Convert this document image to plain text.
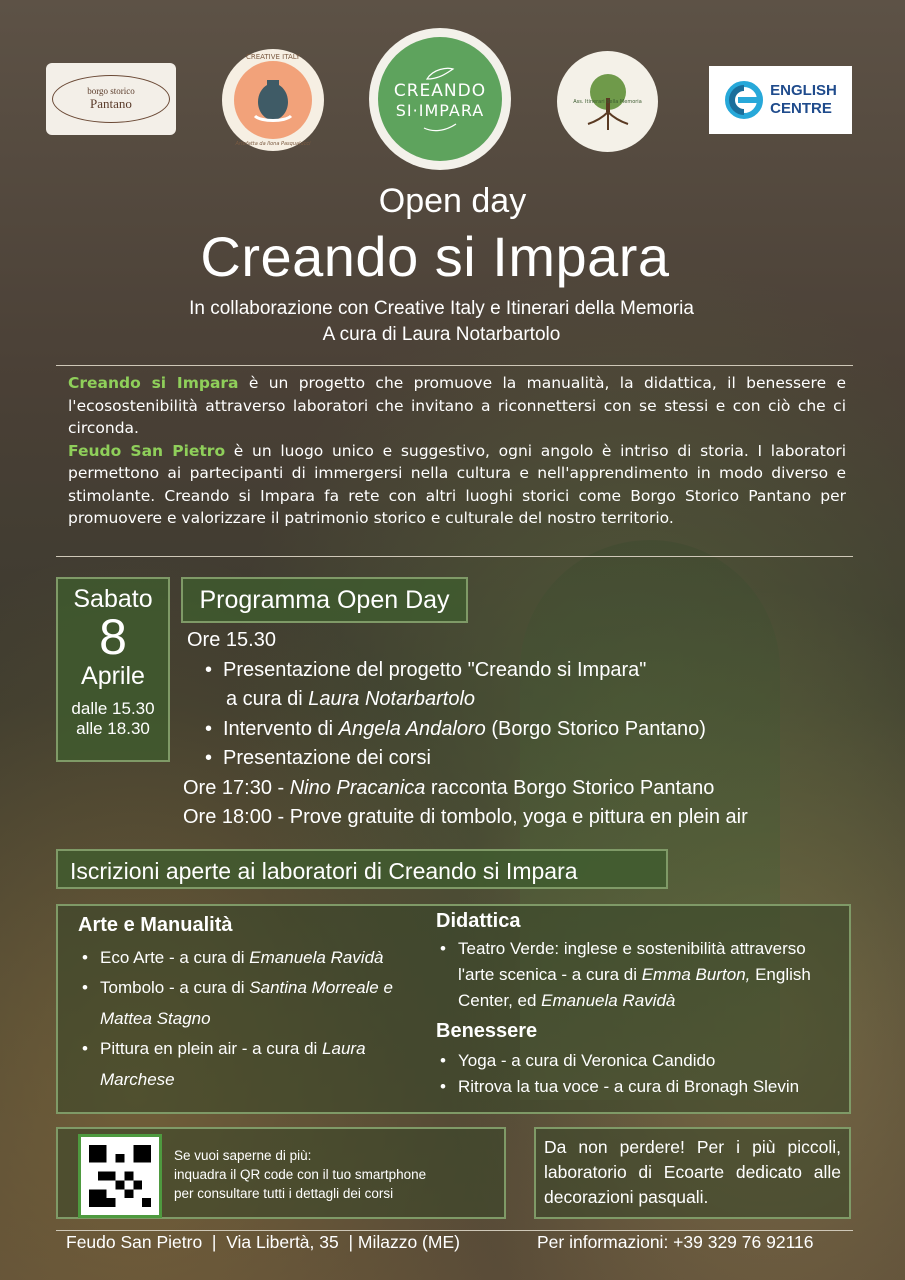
borgo storico
Pantano
CREATIVE ITALY
Artefatta da Ilona Pasqualucci
CREANDO
SI·IMPARA	Ass. Itinerari della Memoria
ENGLISH
CENTRE
Open day
Creando si Impara
In collaborazione con Creative Italy e Itinerari della Memoria
A cura di Laura Notarbartolo

Creando si Impara è un progetto che promuove la manualità, la didattica, il benessere e l'ecosostenibilità attraverso laboratori che invitano a riconnettersi con se stessi e con ciò che ci circonda.

Feudo San Pietro è un luogo unico e suggestivo, ogni angolo è intriso di storia. I laboratori permettono ai partecipanti di immergersi nella cultura e nell'apprendimento in modo diverso e stimolante. Creando si Impara fa rete con altri luoghi storici come Borgo Storico Pantano per promuovere e valorizzare il patrimonio storico e culturale del nostro territorio.

Sabato
8
Aprile
dalle 15.30
alle 18.30
Programma Open Day
Ore 15.30
• Presentazione del progetto "Creando si Impara"
a cura di Laura Notarbartolo
• Intervento di Angela Andaloro (Borgo Storico Pantano)
• Presentazione dei corsi
Ore 17:30 - Nino Pracanica racconta Borgo Storico Pantano
Ore 18:00 - Prove gratuite di tombolo, yoga e pittura en plein air
Iscrizioni aperte ai laboratori di Creando si Impara
Arte e Manualità
• Eco Arte - a cura di Emanuela Ravidà
• Tombolo - a cura di Santina Morreale e Mattea Stagno
• Pittura en plein air - a cura di Laura Marchese
Didattica
• Teatro Verde: inglese e sostenibilità attraverso l'arte scenica - a cura di Emma Burton, English Center, ed Emanuela Ravidà
Benessere
• Yoga - a cura di Veronica Candido
• Ritrova la tua voce - a cura di Bronagh Slevin
Se vuoi saperne di più:
inquadra il QR code con il tuo smartphone
per consultare tutti i dettagli dei corsi
Da non perdere! Per i più piccoli, laboratorio di Ecoarte dedicato alle decorazioni pasquali.
Feudo San Pietro  |  Via Libertà, 35  | Milazzo (ME)	Per informazioni: +39 329 76 92116
